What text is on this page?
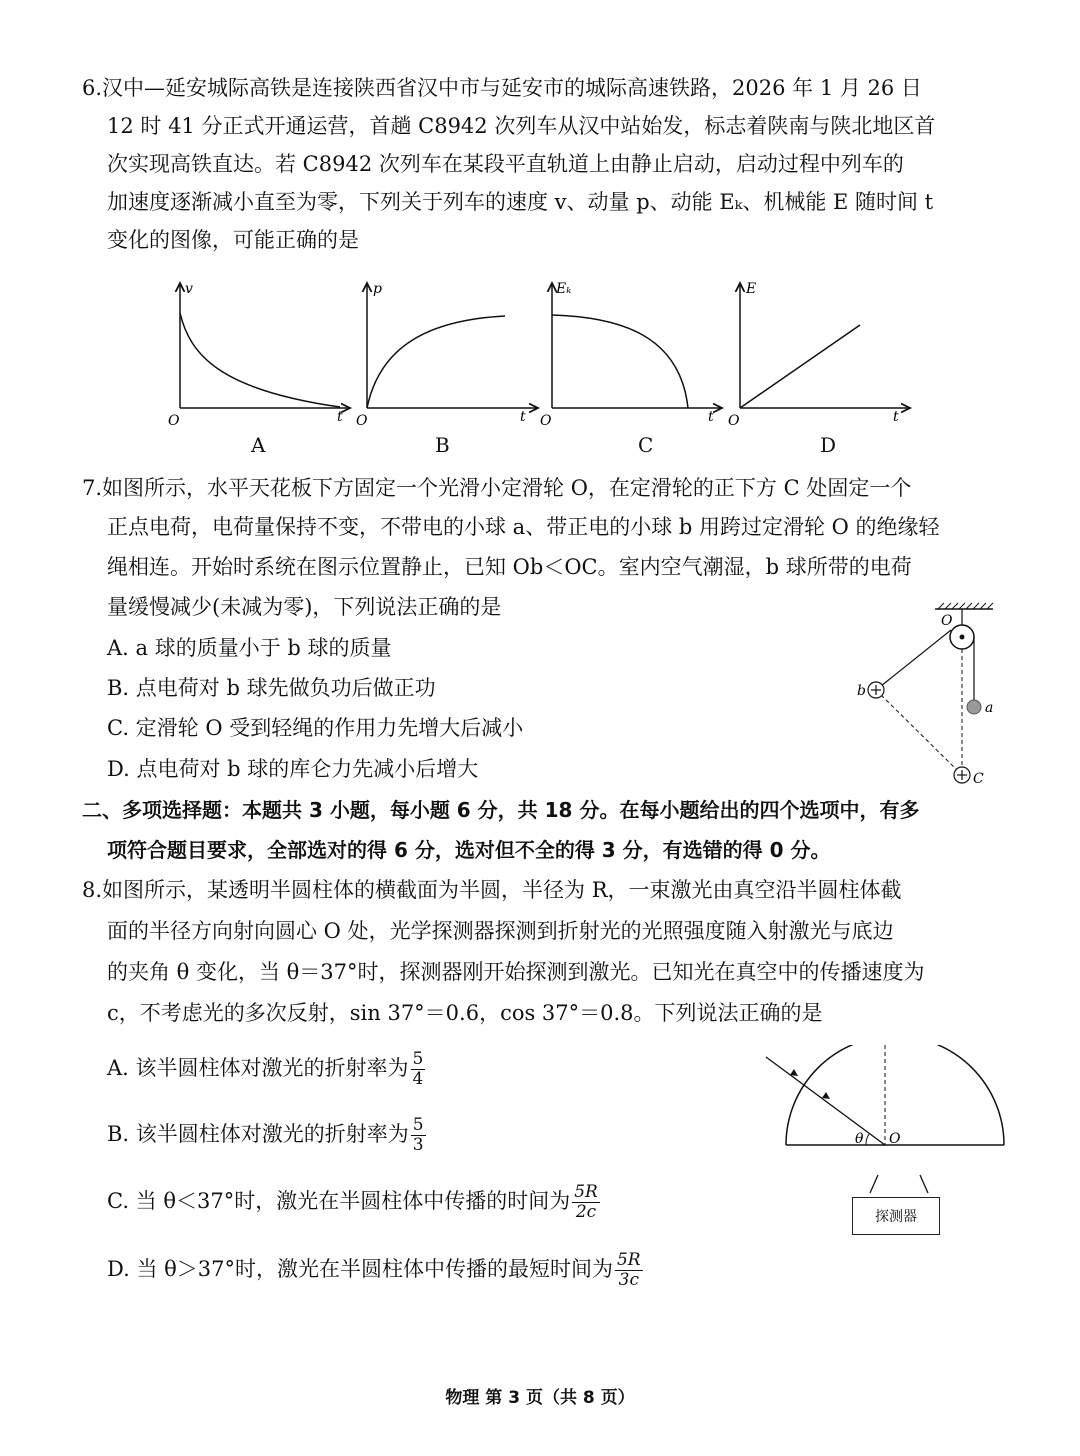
6.汉中—延安城际高铁是连接陕西省汉中市与延安市的城际高速铁路，2026 年 1 月 26 日
12 时 41 分正式开通运营，首趟 C8942 次列车从汉中站始发，标志着陕南与陕北地区首
次实现高铁直达。若 C8942 次列车在某段平直轨道上由静止启动，启动过程中列车的
加速度逐渐减小直至为零，下列关于列车的速度 v、动量 p、动能 Eₖ、机械能 E 随时间 t
变化的图像，可能正确的是
v
t
O
p
t
O
Eₖ
t
O
E
t
O
A	B	C	D
7.如图所示，水平天花板下方固定一个光滑小定滑轮 O，在定滑轮的正下方 C 处固定一个
正点电荷，电荷量保持不变，不带电的小球 a、带正电的小球 b 用跨过定滑轮 O 的绝缘轻
绳相连。开始时系统在图示位置静止，已知 Ob＜OC。室内空气潮湿，b 球所带的电荷
量缓慢减少(未减为零)，下列说法正确的是
A. a 球的质量小于 b 球的质量
B. 点电荷对 b 球先做负功后做正功
C. 定滑轮 O 受到轻绳的作用力先增大后减小
D. 点电荷对 b 球的库仑力先减小后增大
O
b
a
C
二、多项选择题：本题共 3 小题，每小题 6 分，共 18 分。在每小题给出的四个选项中，有多
项符合题目要求，全部选对的得 6 分，选对但不全的得 3 分，有选错的得 0 分。
8.如图所示，某透明半圆柱体的横截面为半圆，半径为 R，一束激光由真空沿半圆柱体截
面的半径方向射向圆心 O 处，光学探测器探测到折射光的光照强度随入射激光与底边
的夹角 θ 变化，当 θ＝37°时，探测器刚开始探测到激光。已知光在真空中的传播速度为
c，不考虑光的多次反射，sin 37°＝0.6，cos 37°＝0.8。下列说法正确的是
A. 该半圆柱体对激光的折射率为 $\frac{5}{4}$
B. 该半圆柱体对激光的折射率为 $\frac{5}{3}$
C. 当 θ＜37°时，激光在半圆柱体中传播的时间为 $\frac{5R}{2c}$
D. 当 θ＞37°时，激光在半圆柱体中传播的最短时间为 $\frac{5R}{3c}$
θ O
探测器
物理 第 3 页（共 8 页）
